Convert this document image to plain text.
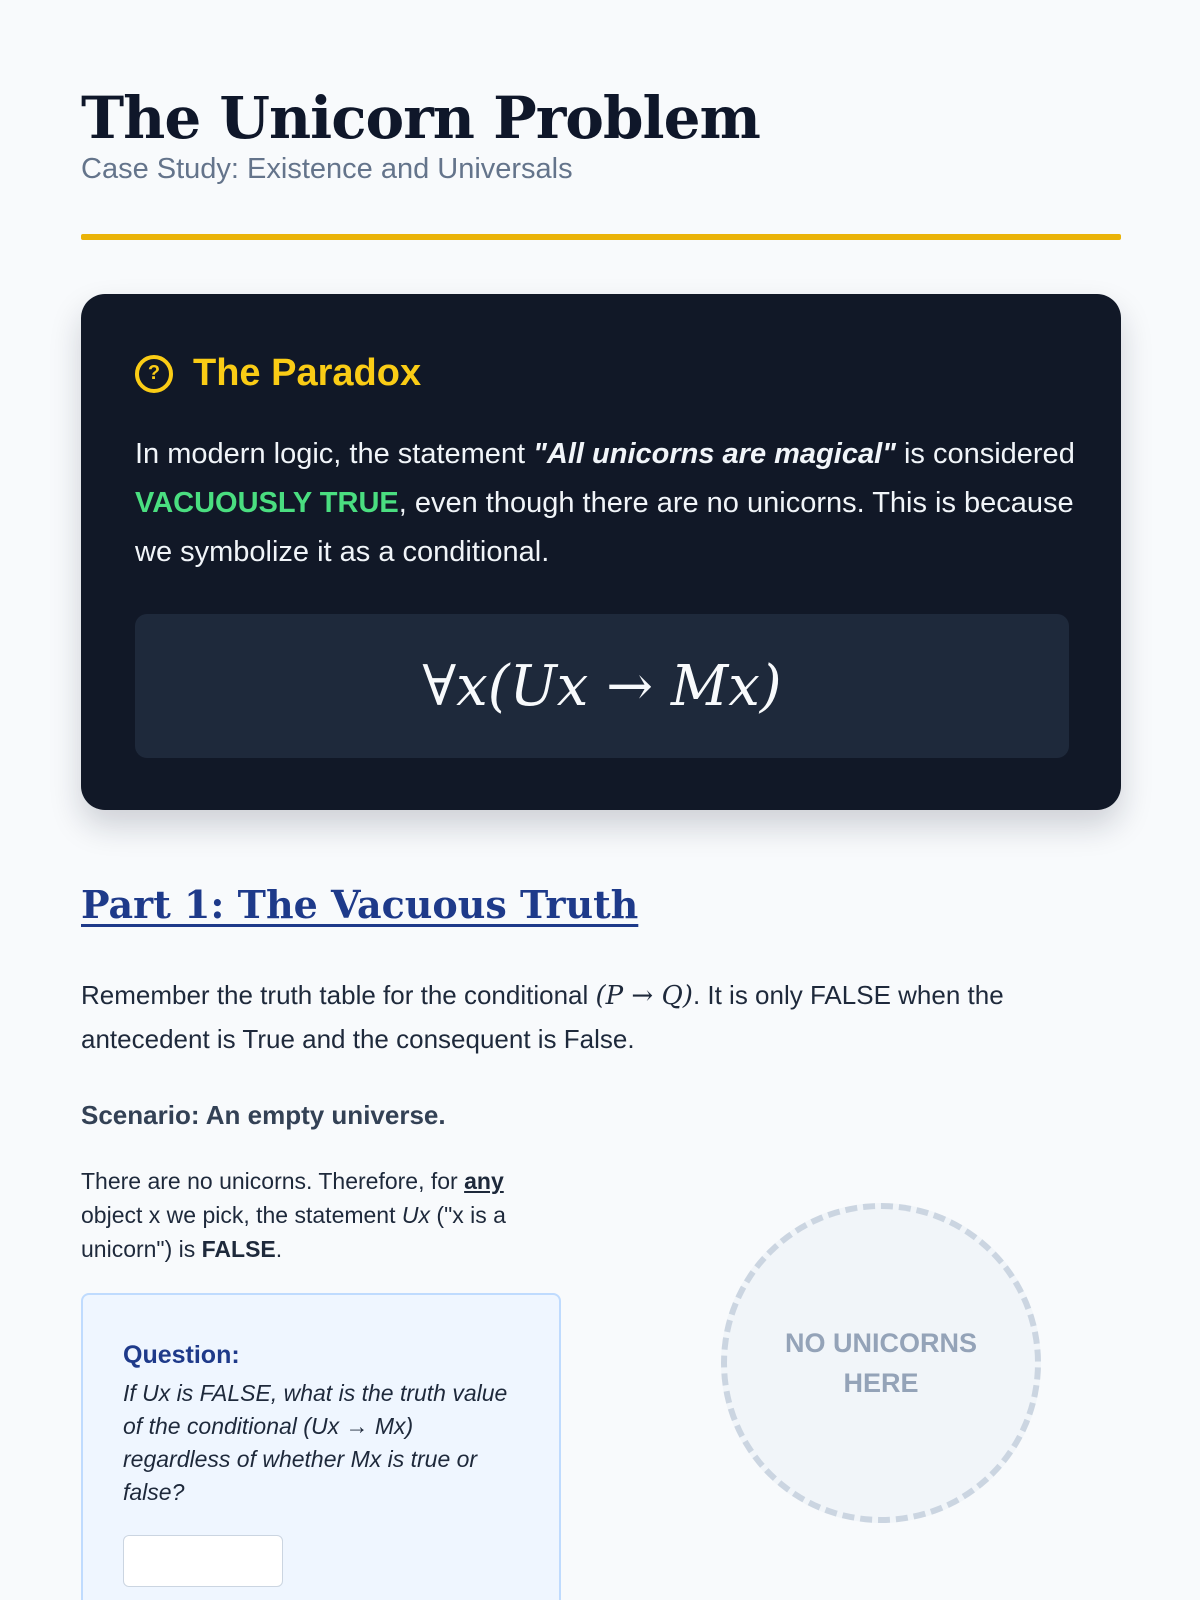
The Unicorn Problem
Case Study: Existence and Universals
? The Paradox

In modern logic, the statement "All unicorns are magical" is considered VACUOUSLY TRUE, even though there are no unicorns. This is because we symbolize it as a conditional.

∀x(Ux → Mx)
Part 1: The Vacuous Truth

Remember the truth table for the conditional (P → Q). It is only FALSE when the antecedent is True and the consequent is False.

Scenario: An empty universe.

There are no unicorns. Therefore, for any object x we pick, the statement Ux ("x is a unicorn") is FALSE.

Question:

If Ux is FALSE, what is the truth value of the conditional (Ux → Mx) regardless of whether Mx is true or false?

NO UNICORNS HERE
